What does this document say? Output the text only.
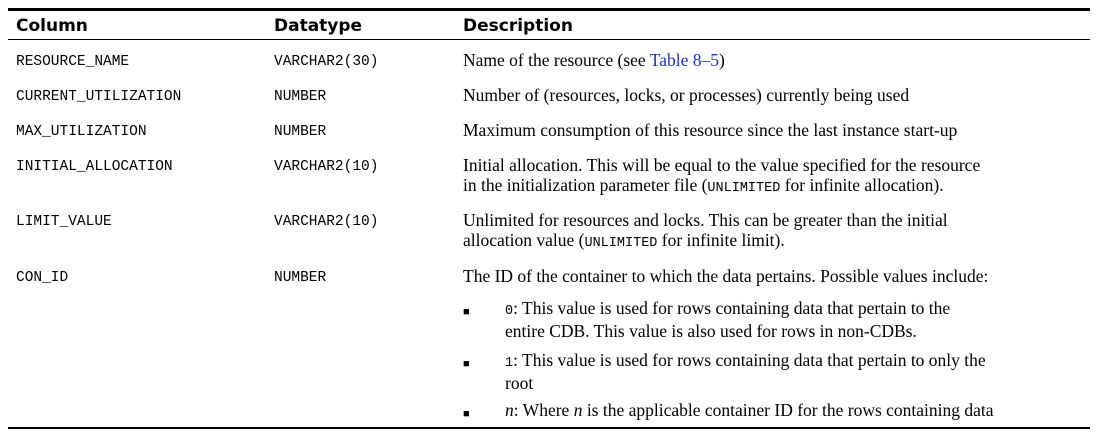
Column	Datatype	Description
RESOURCE_NAME	VARCHAR2(30)	Name of the resource (see Table 8–5)
CURRENT_UTILIZATION	NUMBER	Number of (resources, locks, or processes) currently being used
MAX_UTILIZATION	NUMBER	Maximum consumption of this resource since the last instance start-up
INITIAL_ALLOCATION	VARCHAR2(10)	Initial allocation. This will be equal to the value specified for the resource
in the initialization parameter file (UNLIMITED for infinite allocation).
LIMIT_VALUE	VARCHAR2(10)	Unlimited for resources and locks. This can be greater than the initial
allocation value (UNLIMITED for infinite limit).
CON_ID	NUMBER	The ID of the container to which the data pertains. Possible values include:
■	0: This value is used for rows containing data that pertain to the
entire CDB. This value is also used for rows in non-CDBs.
■	1: This value is used for rows containing data that pertain to only the
root
■ n: Where n is the applicable container ID for the rows containing data
